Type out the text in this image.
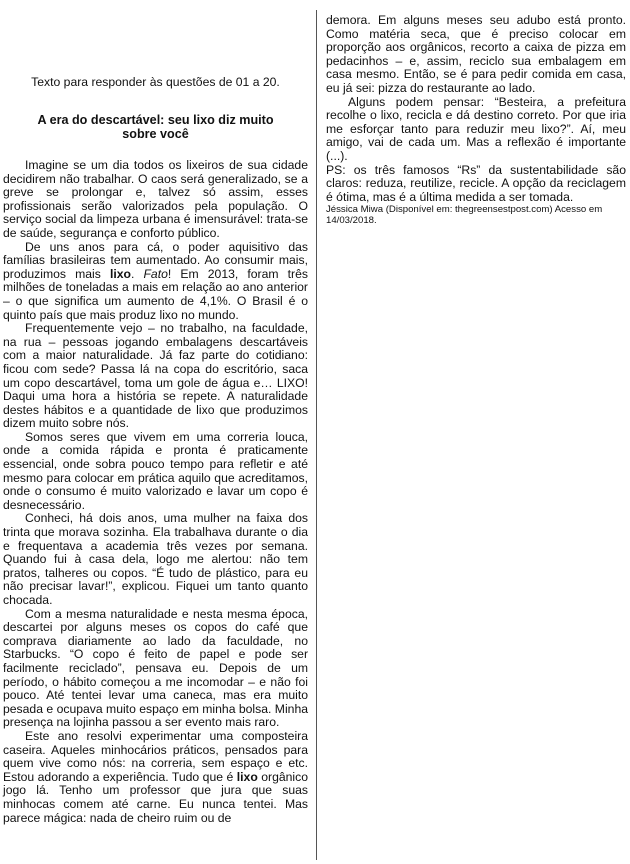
Texto para responder às questões de 01 a 20.
A era do descartável: seu lixo diz muito
sobre você

Imagine se um dia todos os lixeiros de sua cidade decidirem não trabalhar. O caos será generalizado, se a greve se prolongar e, talvez só assim, esses profissionais serão valorizados pela população. O serviço social da limpeza urbana é imensurável: trata-se de saúde, segurança e conforto público.

De uns anos para cá, o poder aquisitivo das famílias brasileiras tem aumentado. Ao consumir mais, produzimos mais lixo. Fato! Em 2013, foram três milhões de toneladas a mais em relação ao ano anterior – o que significa um aumento de 4,1%. O Brasil é o quinto país que mais produz lixo no mundo.

Frequentemente vejo – no trabalho, na faculdade, na rua – pessoas jogando embalagens descartáveis com a maior naturalidade. Já faz parte do cotidiano: ficou com sede? Passa lá na copa do escritório, saca um copo descartável, toma um gole de água e… LIXO! Daqui uma hora a história se repete. A naturalidade destes hábitos e a quantidade de lixo que produzimos dizem muito sobre nós.

Somos seres que vivem em uma correria louca, onde a comida rápida e pronta é praticamente essencial, onde sobra pouco tempo para refletir e até mesmo para colocar em prática aquilo que acreditamos, onde o consumo é muito valorizado e lavar um copo é desnecessário.

Conheci, há dois anos, uma mulher na faixa dos trinta que morava sozinha. Ela trabalhava durante o dia e frequentava a academia três vezes por semana. Quando fui à casa dela, logo me alertou: não tem pratos, talheres ou copos. “É tudo de plástico, para eu não precisar lavar!”, explicou. Fiquei um tanto quanto chocada.

Com a mesma naturalidade e nesta mesma época, descartei por alguns meses os copos do café que comprava diariamente ao lado da faculdade, no Starbucks. “O copo é feito de papel e pode ser facilmente reciclado”, pensava eu. Depois de um período, o hábito começou a me incomodar – e não foi pouco. Até tentei levar uma caneca, mas era muito pesada e ocupava muito espaço em minha bolsa. Minha presença na lojinha passou a ser evento mais raro.

Este ano resolvi experimentar uma composteira caseira. Aqueles minhocários práticos, pensados para quem vive como nós: na correria, sem espaço e etc. Estou adorando a experiência. Tudo que é lixo orgânico jogo lá. Tenho um professor que jura que suas minhocas comem até carne. Eu nunca tentei. Mas parece mágica: nada de cheiro ruim ou de

demora. Em alguns meses seu adubo está pronto. Como matéria seca, que é preciso colocar em proporção aos orgânicos, recorto a caixa de pizza em pedacinhos – e, assim, reciclo sua embalagem em casa mesmo. Então, se é para pedir comida em casa, eu já sei: pizza do restaurante ao lado.

Alguns podem pensar: “Besteira, a prefeitura recolhe o lixo, recicla e dá destino correto. Por que iria me esforçar tanto para reduzir meu lixo?”. Aí, meu amigo, vai de cada um. Mas a reflexão é importante (...).

PS: os três famosos “Rs” da sustentabilidade são claros: reduza, reutilize, recicle. A opção da reciclagem é ótima, mas é a última medida a ser tomada.

Jéssica Miwa (Disponível em: thegreensestpost.com) Acesso em 14/03/2018.
